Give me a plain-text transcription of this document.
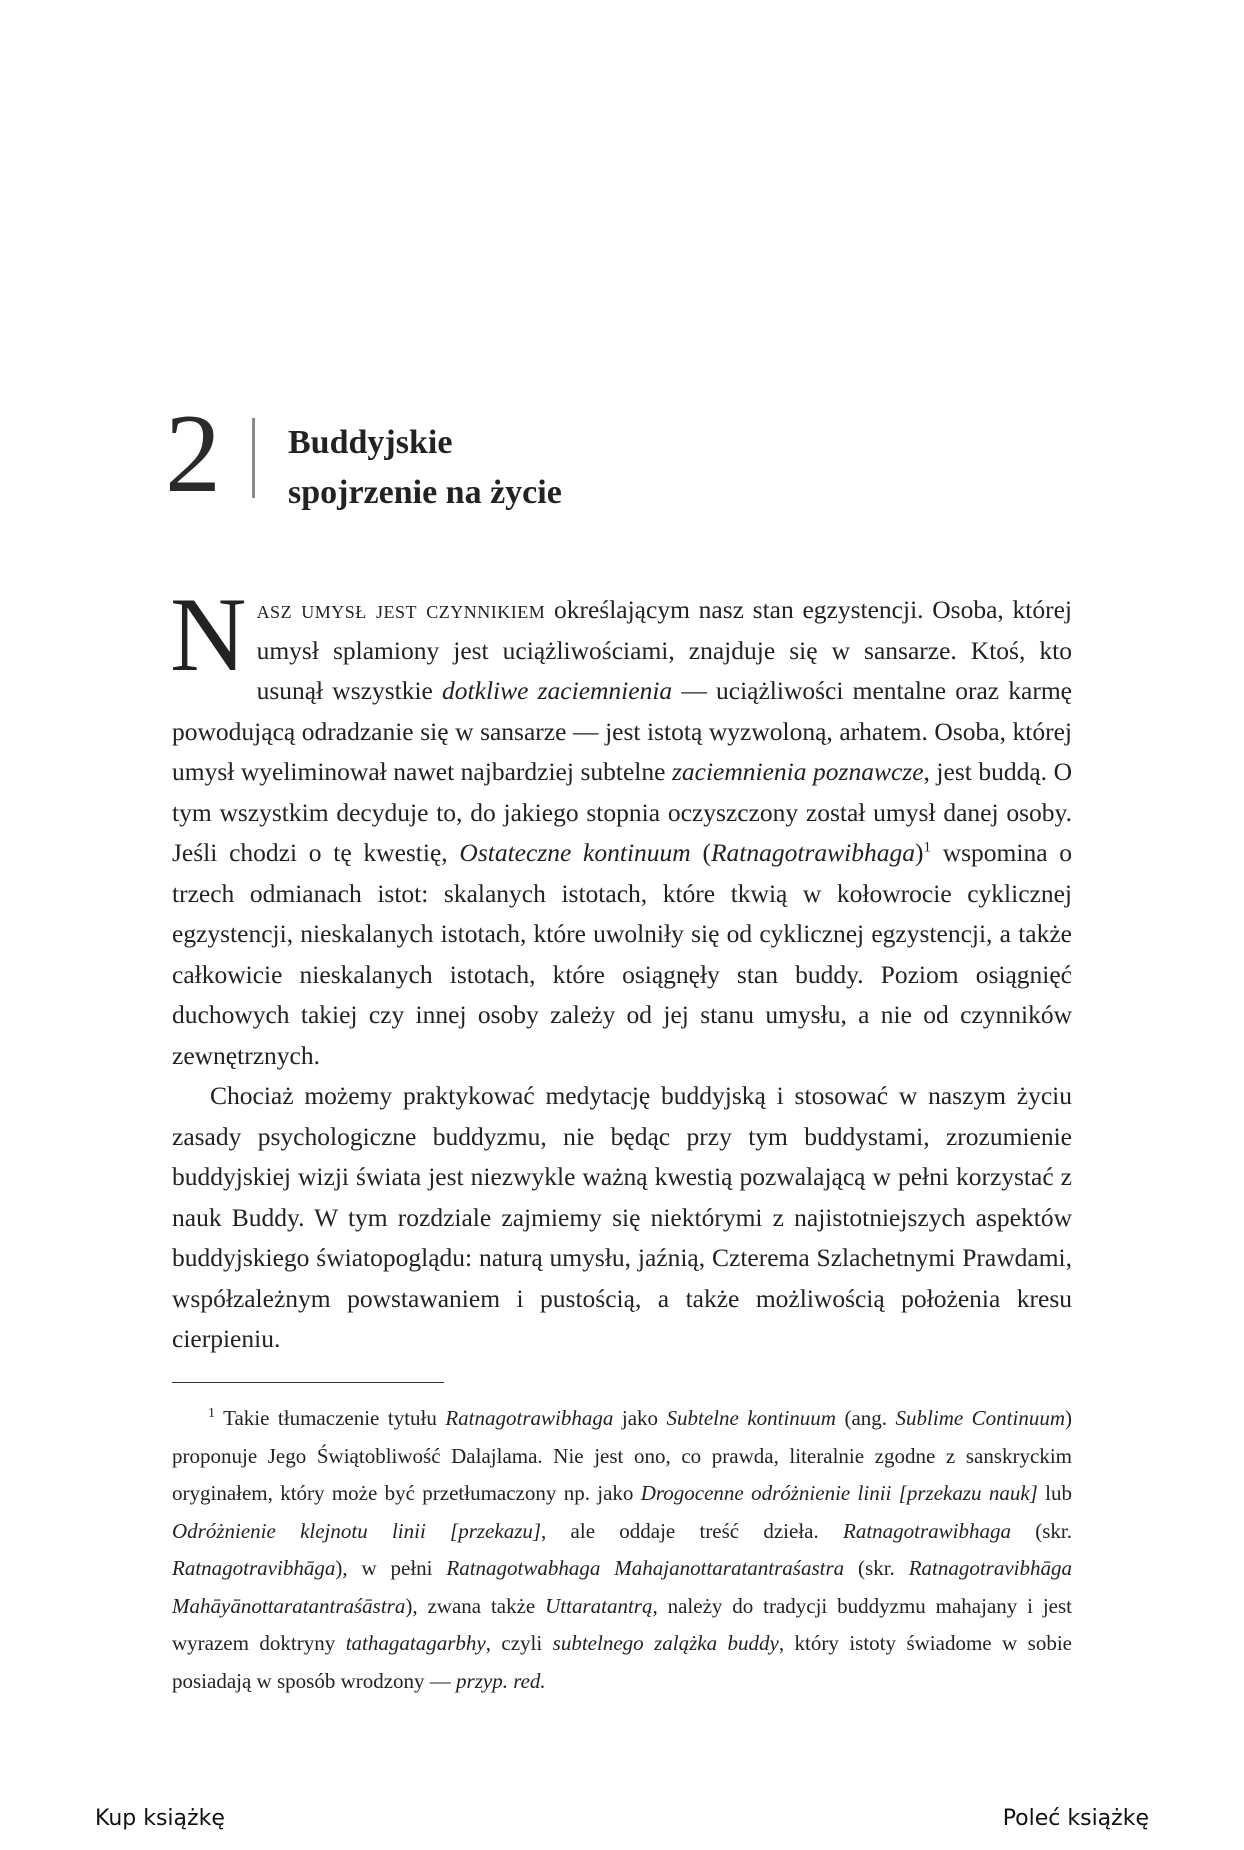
2 Buddyjskie
spojrzenie na życie

Nasz umysł jest czynnikiem określającym nasz stan egzystencji. Osoba, której umysł splamiony jest uciążliwościami, znajduje się w sansarze. Ktoś, kto usunął wszystkie dotkliwe zaciemnienia — uciążliwości mentalne oraz karmę powodującą odradzanie się w sansarze — jest istotą wyzwoloną, arhatem. Osoba, której umysł wyeliminował nawet najbardziej subtelne zaciemnienia poznawcze, jest buddą. O tym wszystkim decyduje to, do jakiego stopnia oczyszczony został umysł danej osoby. Jeśli chodzi o tę kwestię, Ostateczne kontinuum (Ratnagotrawibhaga)$^1$ wspomina o trzech odmianach istot: skalanych istotach, które tkwią w kołowrocie cyklicznej egzystencji, nieskalanych istotach, które uwolniły się od cyklicznej egzystencji, a także całkowicie nieskalanych istotach, które osiągnęły stan buddy. Poziom osiągnięć duchowych takiej czy innej osoby zależy od jej stanu umysłu, a nie od czynników zewnętrznych.

Chociaż możemy praktykować medytację buddyjską i stosować w naszym życiu zasady psychologiczne buddyzmu, nie będąc przy tym buddystami, zrozumienie buddyjskiej wizji świata jest niezwykle ważną kwestią pozwalającą w pełni korzystać z nauk Buddy. W tym rozdziale zajmiemy się niektórymi z najistotniejszych aspektów buddyjskiego światopoglądu: naturą umysłu, jaźnią, Czterema Szlachetnymi Prawdami, współzależnym powstawaniem i pustością, a także możliwością położenia kresu cierpieniu.

$^1$ Takie tłumaczenie tytułu Ratnagotrawibhaga jako Subtelne kontinuum (ang. Sublime Continuum) proponuje Jego Świątobliwość Dalajlama. Nie jest ono, co prawda, literalnie zgodne z sanskryckim oryginałem, który może być przetłumaczony np. jako Drogocenne odróżnienie linii [przekazu nauk] lub Odróżnienie klejnotu linii [przekazu], ale oddaje treść dzieła. Ratnagotrawibhaga (skr. Ratnagotravibhāga), w pełni Ratnagotwabhaga Mahajanottaratantraśastra (skr. Ratnagotravibhāga Mahāyānottaratantraśāstra), zwana także Uttaratantrą, należy do tradycji buddyzmu mahajany i jest wyrazem doktryny tathagatagarbhy, czyli subtelnego zalążka buddy, który istoty świadome w sobie posiadają w sposób wrodzony — przyp. red.
Kup książkę	Poleć książkę
